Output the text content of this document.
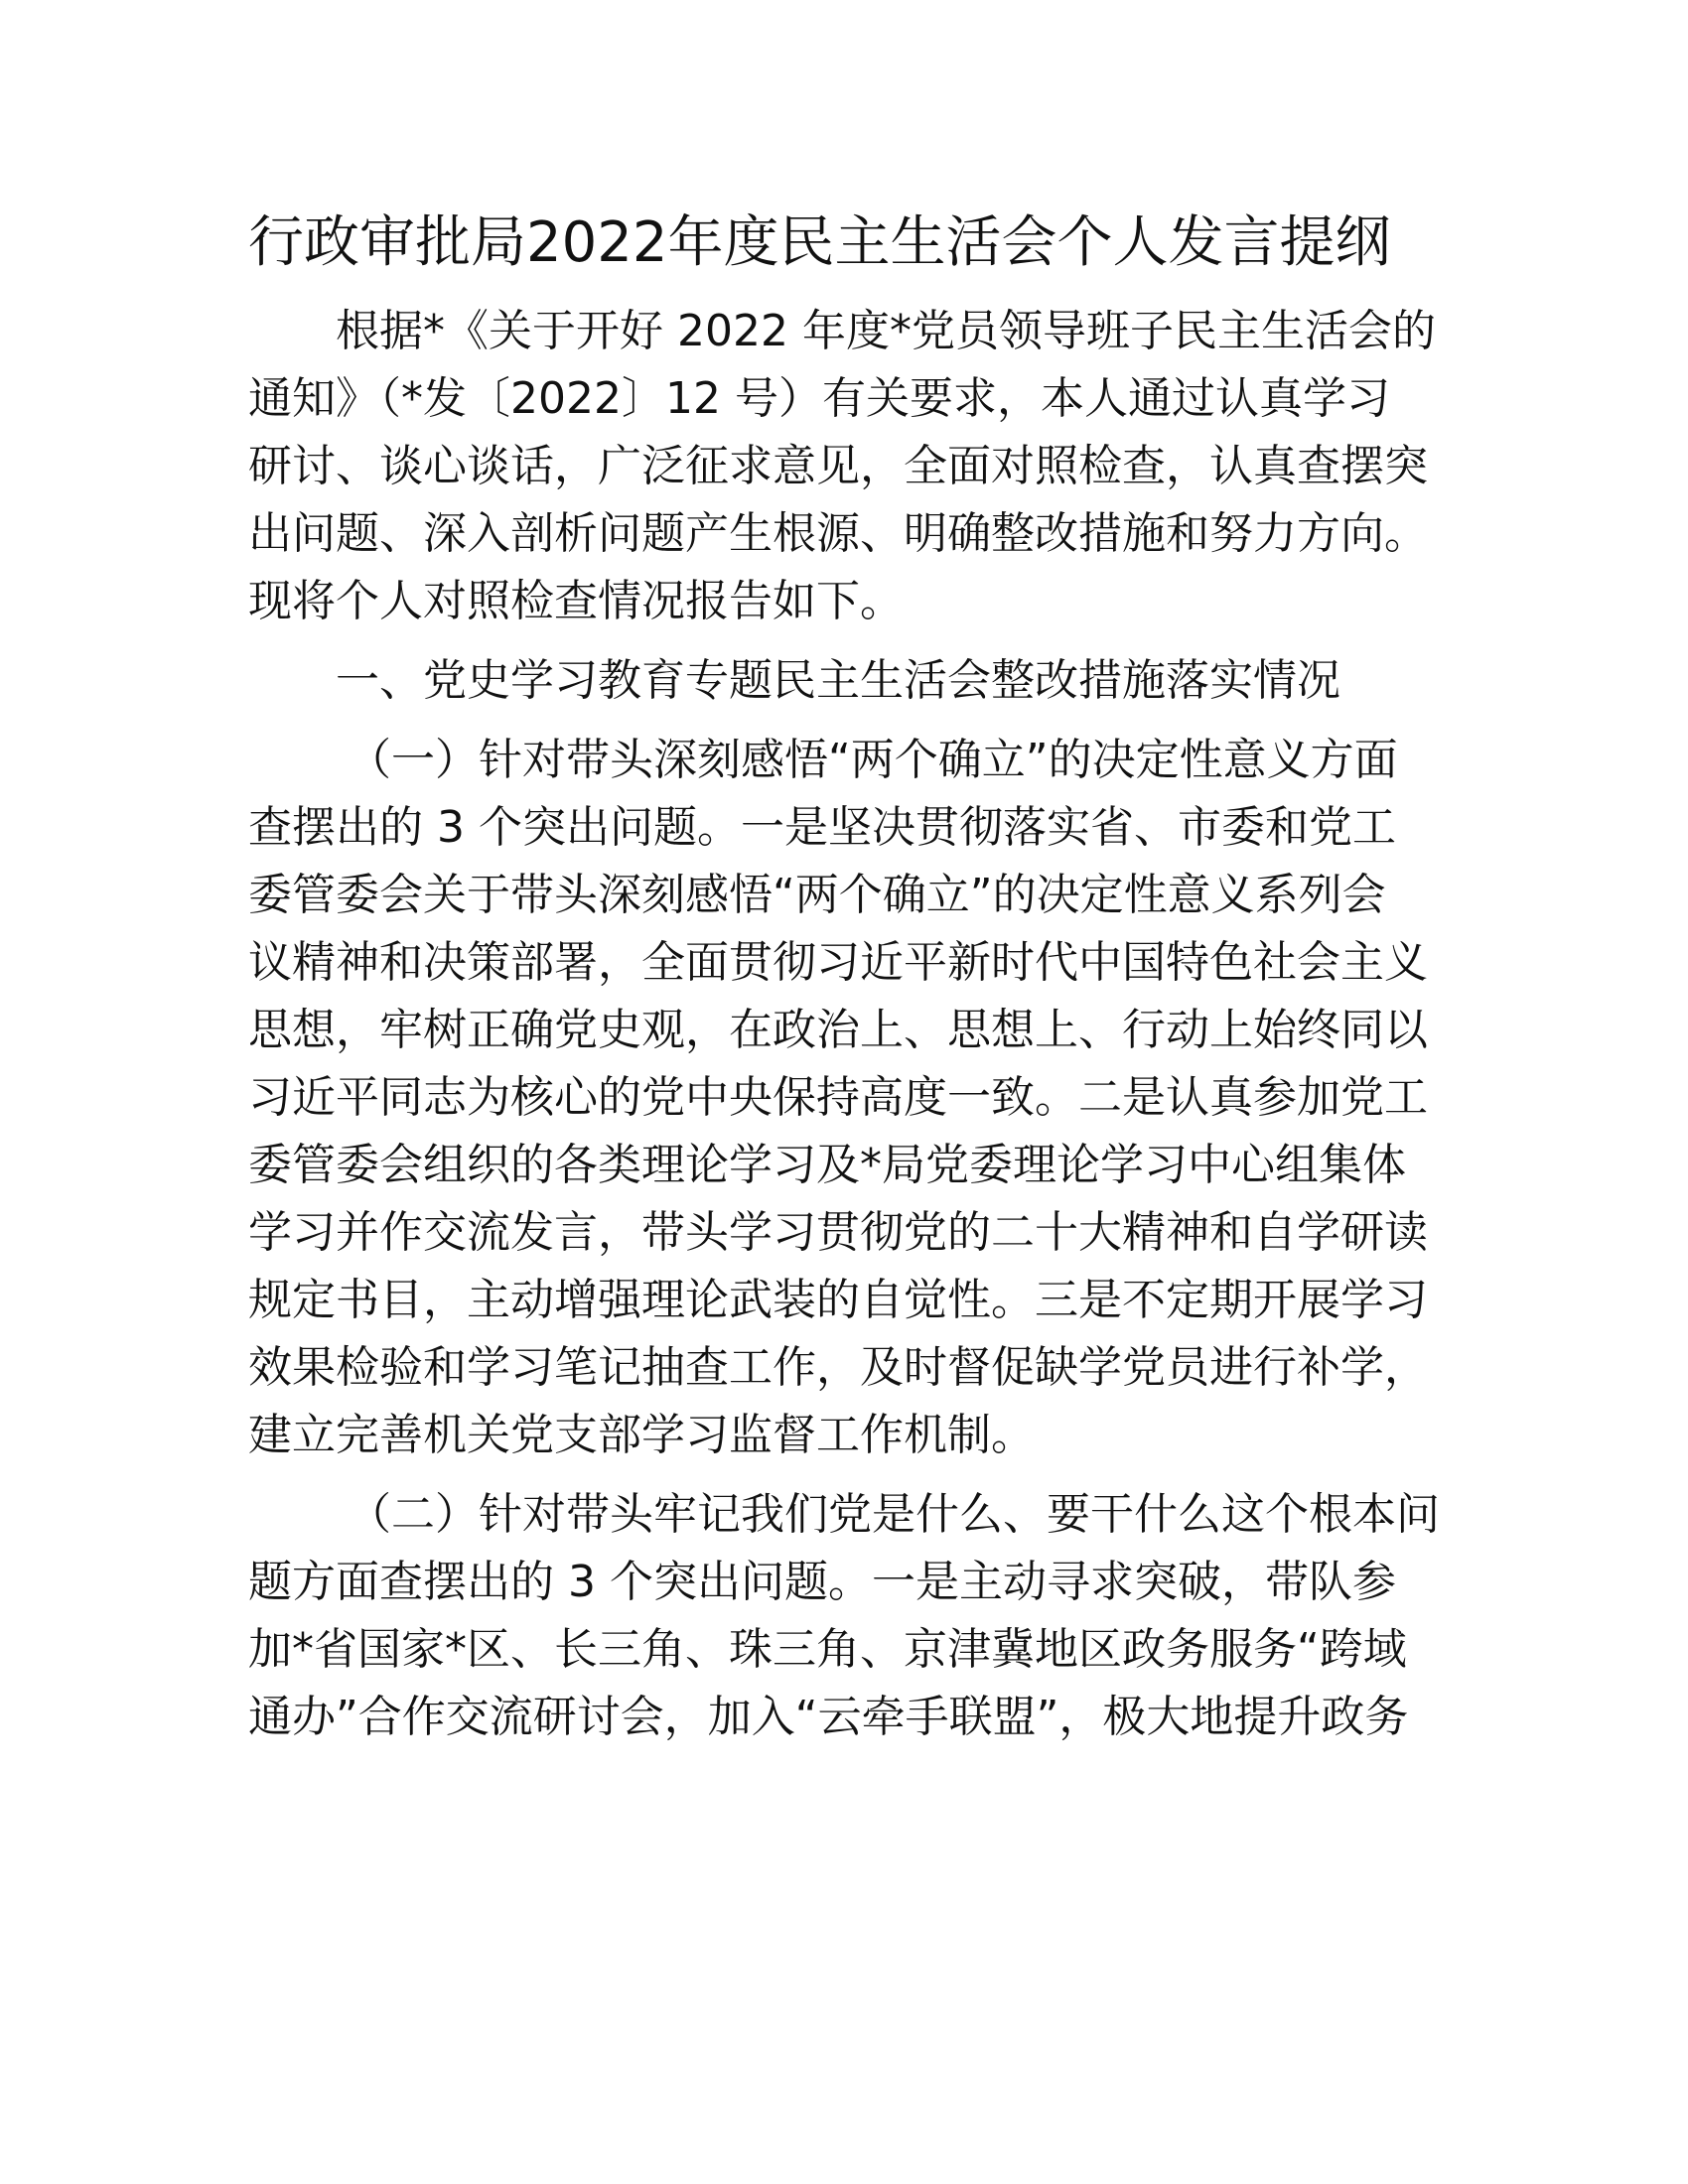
行政审批局2022年度民主生活会个人发言提纲
根据*《关于开好 2022 年度*党员领导班子民主生活会的
通知》（*发〔2022〕12 号）有关要求，本人通过认真学习
研讨、谈心谈话，广泛征求意见，全面对照检查，认真查摆突
出问题、深入剖析问题产生根源、明确整改措施和努力方向。
现将个人对照检查情况报告如下。
一、党史学习教育专题民主生活会整改措施落实情况
（一）针对带头深刻感悟“两个确立”的决定性意义方面
查摆出的 3 个突出问题。一是坚决贯彻落实省、市委和党工
委管委会关于带头深刻感悟“两个确立”的决定性意义系列会
议精神和决策部署，全面贯彻习近平新时代中国特色社会主义
思想，牢树正确党史观，在政治上、思想上、行动上始终同以
习近平同志为核心的党中央保持高度一致。二是认真参加党工
委管委会组织的各类理论学习及*局党委理论学习中心组集体
学习并作交流发言，带头学习贯彻党的二十大精神和自学研读
规定书目，主动增强理论武装的自觉性。三是不定期开展学习
效果检验和学习笔记抽查工作，及时督促缺学党员进行补学，
建立完善机关党支部学习监督工作机制。
（二）针对带头牢记我们党是什么、要干什么这个根本问
题方面查摆出的 3 个突出问题。一是主动寻求突破，带队参
加*省国家*区、长三角、珠三角、京津冀地区政务服务“跨域
通办”合作交流研讨会，加入“云牵手联盟”，极大地提升政务
